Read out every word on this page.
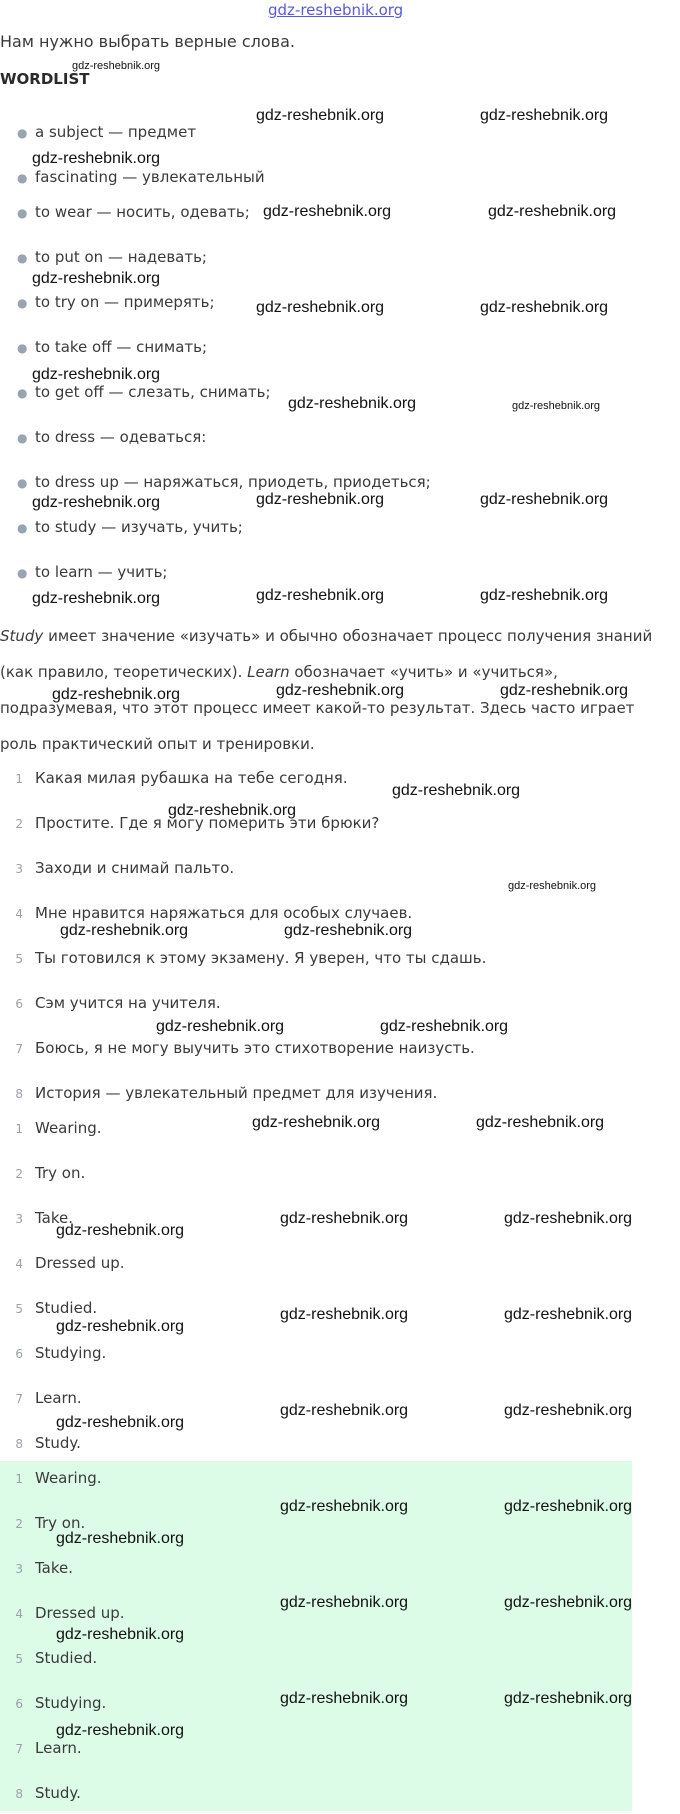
gdz-reshebnik.org
Нам нужно выбрать верные слова.
WORDLIST
● a subject — предмет
● fascinating — увлекательный
● to wear — носить, одевать;
● to put on — надевать;
● to try on — примерять;
● to take off — снимать;
● to get off — слезать, снимать;
● to dress — одеваться:
● to dress up — наряжаться, приодеть, приодеться;
● to study — изучать, учить;
● to learn — учить;
Study имеет значение «изучать» и обычно обозначает процесс получения знаний (как правило, теоретических). Learn обозначает «учить» и «учиться», подразумевая, что этот процесс имеет какой-то результат. Здесь часто играет роль практический опыт и тренировки.
1 Какая милая рубашка на тебе сегодня.
2 Простите. Где я могу померить эти брюки?
3 Заходи и снимай пальто.
4 Мне нравится наряжаться для особых случаев.
5 Ты готовился к этому экзамену. Я уверен, что ты сдашь.
6 Сэм учится на учителя.
7 Боюсь, я не могу выучить это стихотворение наизусть.
8 История — увлекательный предмет для изучения.
1 Wearing.
2 Try on.
3 Take.
4 Dressed up.
5 Studied.
6 Studying.
7 Learn.
8 Study.
1 Wearing.
2 Try on.
3 Take.
4 Dressed up.
5 Studied.
6 Studying.
7 Learn.
8 Study.
gdz-reshebnik.org
gdz-reshebnik.org	gdz-reshebnik.org
gdz-reshebnik.org
gdz-reshebnik.org	gdz-reshebnik.org
gdz-reshebnik.org
gdz-reshebnik.org	gdz-reshebnik.org
gdz-reshebnik.org
gdz-reshebnik.org	gdz-reshebnik.org
gdz-reshebnik.org	gdz-reshebnik.org	gdz-reshebnik.org
gdz-reshebnik.org	gdz-reshebnik.org	gdz-reshebnik.org
gdz-reshebnik.org	gdz-reshebnik.org	gdz-reshebnik.org
gdz-reshebnik.org
gdz-reshebnik.org
gdz-reshebnik.org
gdz-reshebnik.org	gdz-reshebnik.org
gdz-reshebnik.org	gdz-reshebnik.org
gdz-reshebnik.org	gdz-reshebnik.org
gdz-reshebnik.org
gdz-reshebnik.org	gdz-reshebnik.org
gdz-reshebnik.org
gdz-reshebnik.org	gdz-reshebnik.org
gdz-reshebnik.org
gdz-reshebnik.org	gdz-reshebnik.org
gdz-reshebnik.org
gdz-reshebnik.org	gdz-reshebnik.org
gdz-reshebnik.org
gdz-reshebnik.org	gdz-reshebnik.org
gdz-reshebnik.org
gdz-reshebnik.org	gdz-reshebnik.org
